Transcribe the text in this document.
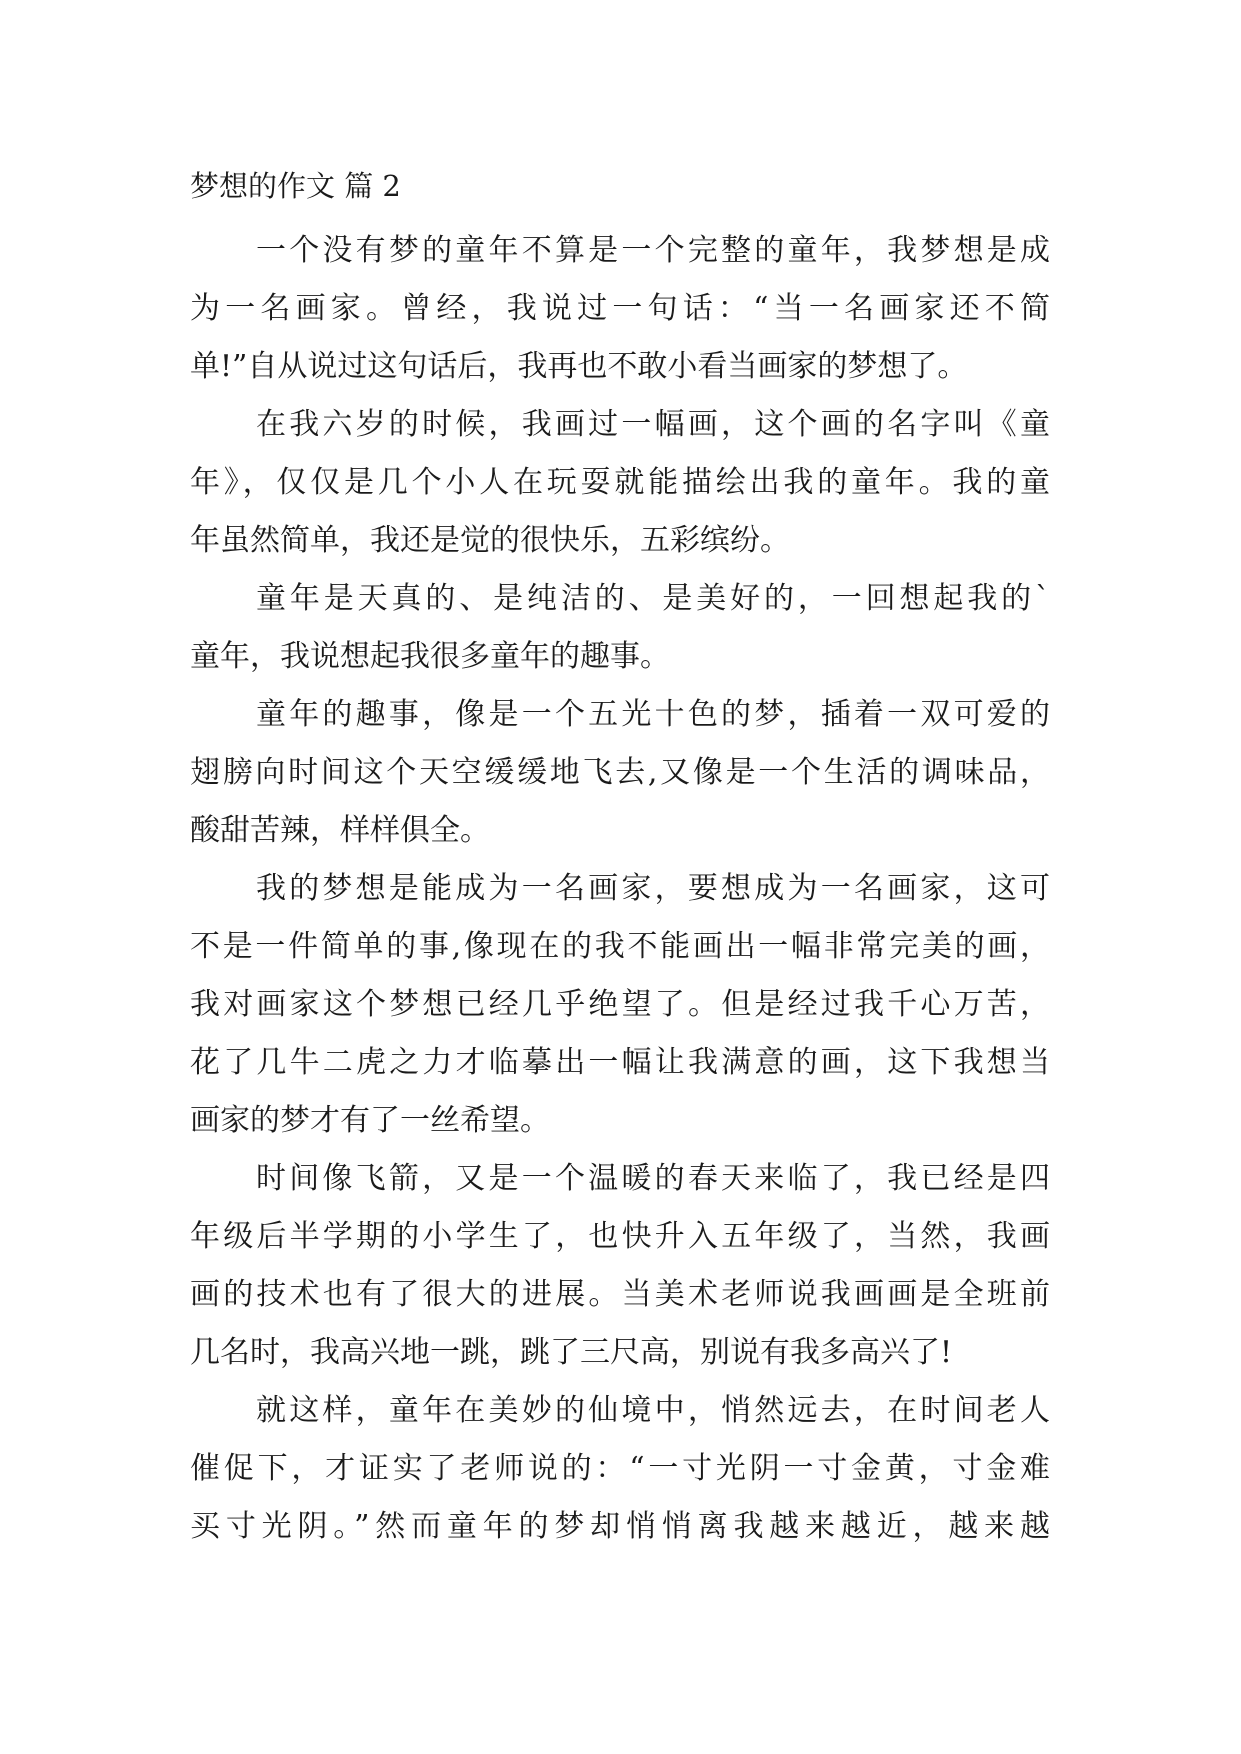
梦想的作文 篇 2

一个没有梦的童年不算是一个完整的童年，我梦想是成
为一名画家。曾经，我说过一句话：“当一名画家还不简
单!”自从说过这句话后，我再也不敢小看当画家的梦想了。

在我六岁的时候，我画过一幅画，这个画的名字叫《童
年》，仅仅是几个小人在玩耍就能描绘出我的童年。我的童
年虽然简单，我还是觉的很快乐，五彩缤纷。

童年是天真的、是纯洁的、是美好的，一回想起我的`
童年，我说想起我很多童年的趣事。

童年的趣事，像是一个五光十色的梦，插着一双可爱的
翅膀向时间这个天空缓缓地飞去,又像是一个生活的调味品，
酸甜苦辣，样样俱全。

我的梦想是能成为一名画家，要想成为一名画家，这可
不是一件简单的事,像现在的我不能画出一幅非常完美的画，
我对画家这个梦想已经几乎绝望了。但是经过我千心万苦，
花了几牛二虎之力才临摹出一幅让我满意的画，这下我想当
画家的梦才有了一丝希望。

时间像飞箭，又是一个温暖的春天来临了，我已经是四
年级后半学期的小学生了，也快升入五年级了，当然，我画
画的技术也有了很大的进展。当美术老师说我画画是全班前
几名时，我高兴地一跳，跳了三尺高，别说有我多高兴了!

就这样，童年在美妙的仙境中，悄然远去，在时间老人
催促下，才证实了老师说的：“一寸光阴一寸金黄，寸金难
买寸光阴。”然而童年的梦却悄悄离我越来越近，越来越
